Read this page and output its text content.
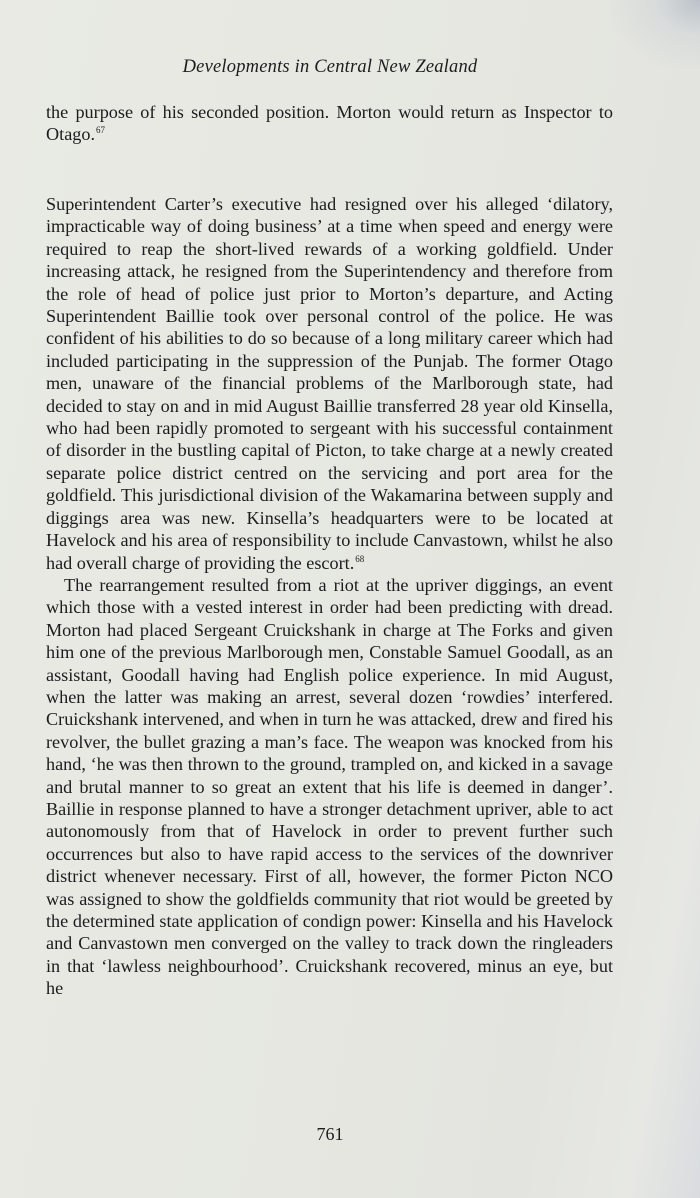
Developments in Central New Zealand

the purpose of his seconded position. Morton would return as Inspector to Otago.$^{67}$

Superintendent Carter’s executive had resigned over his alleged ‘dilatory, impracticable way of doing business’ at a time when speed and energy were required to reap the short-lived rewards of a working goldfield. Under increasing attack, he resigned from the Superintendency and therefore from the role of head of police just prior to Morton’s departure, and Acting Superintendent Baillie took over personal control of the police. He was confident of his abilities to do so because of a long military career which had included participating in the suppression of the Punjab. The former Otago men, unaware of the financial problems of the Marlborough state, had decided to stay on and in mid August Baillie transferred 28 year old Kinsella, who had been rapidly promoted to sergeant with his successful containment of disorder in the bustling capital of Picton, to take charge at a newly created separate police district centred on the servicing and port area for the goldfield. This jurisdictional division of the Wakamarina between supply and diggings area was new. Kinsella’s headquarters were to be located at Havelock and his area of responsibility to include Canvastown, whilst he also had overall charge of providing the escort.$^{68}$

The rearrangement resulted from a riot at the upriver diggings, an event which those with a vested interest in order had been predicting with dread. Morton had placed Sergeant Cruickshank in charge at The Forks and given him one of the previous Marlborough men, Constable Samuel Goodall, as an assistant, Goodall having had English police experience. In mid August, when the latter was making an arrest, several dozen ‘rowdies’ interfered. Cruickshank intervened, and when in turn he was attacked, drew and fired his revolver, the bullet grazing a man’s face. The weapon was knocked from his hand, ‘he was then thrown to the ground, trampled on, and kicked in a savage and brutal manner to so great an extent that his life is deemed in danger’. Baillie in response planned to have a stronger detachment upriver, able to act autonomously from that of Havelock in order to prevent further such occurrences but also to have rapid access to the services of the downriver district whenever necessary. First of all, however, the former Picton NCO was assigned to show the goldfields community that riot would be greeted by the determined state application of condign power: Kinsella and his Havelock and Canvastown men converged on the valley to track down the ringleaders in that ‘lawless neighbourhood’. Cruickshank recovered, minus an eye, but he

761
